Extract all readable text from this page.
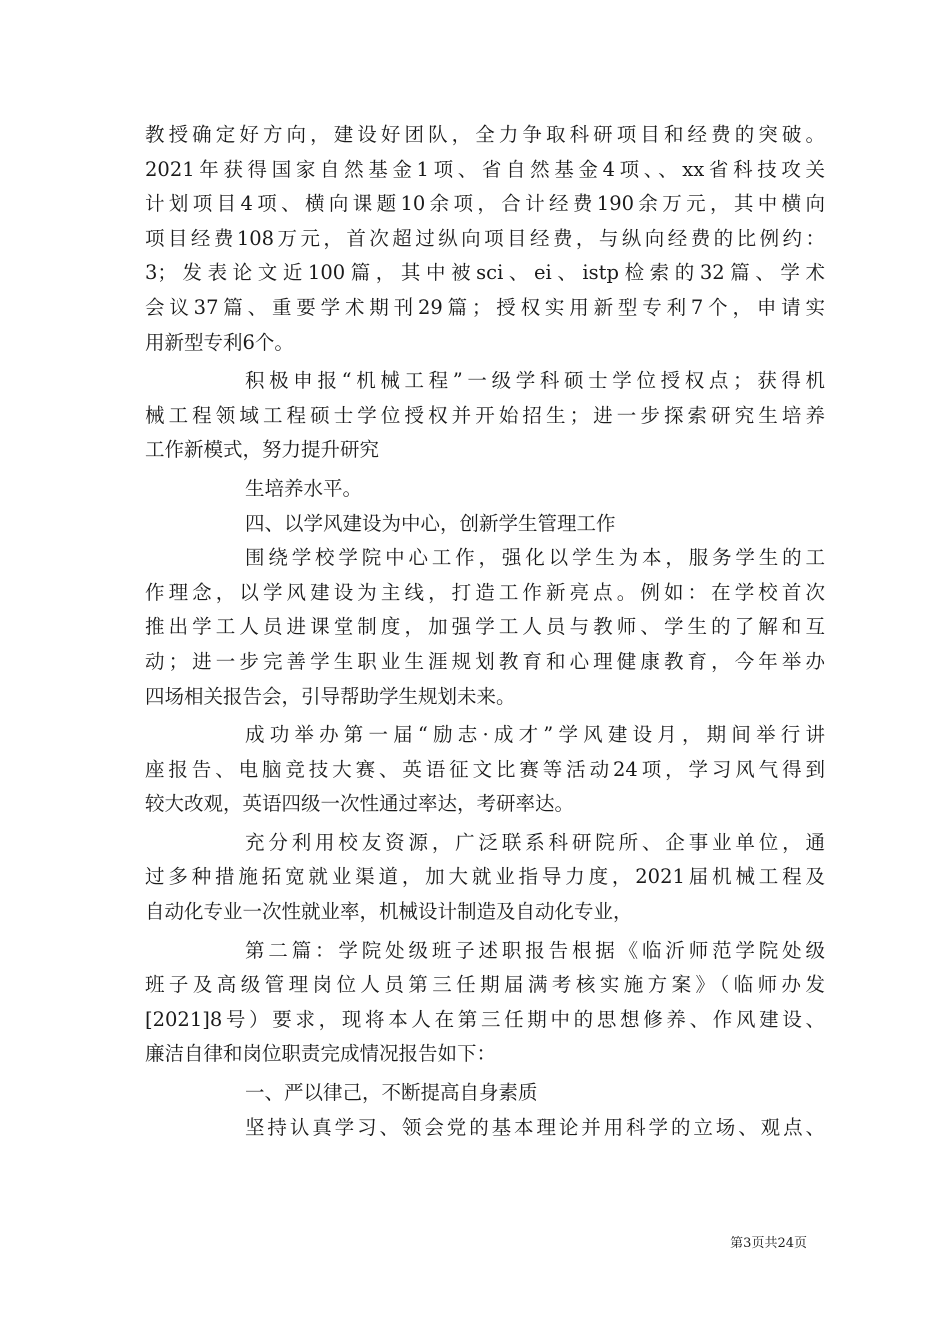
教授确定好方向，建设好团队，全力争取科研项目和经费的突破。
2021年获得国家自然基金1项、省自然基金4项、、xx省科技攻关
计划项目4项、横向课题10余项，合计经费190余万元，其中横向
项目经费108万元，首次超过纵向项目经费，与纵向经费的比例约：
3；发表论文近100篇，其中被sci、ei、istp检索的32篇、学术
会议37篇、重要学术期刊29篇；授权实用新型专利7个，申请实
用新型专利6个。
积极申报“机械工程”一级学科硕士学位授权点；获得机
械工程领域工程硕士学位授权并开始招生；进一步探索研究生培养
工作新模式，努力提升研究
生培养水平。
四、以学风建设为中心，创新学生管理工作
围绕学校学院中心工作，强化以学生为本，服务学生的工
作理念，以学风建设为主线，打造工作新亮点。例如：在学校首次
推出学工人员进课堂制度，加强学工人员与教师、学生的了解和互
动；进一步完善学生职业生涯规划教育和心理健康教育，今年举办
四场相关报告会，引导帮助学生规划未来。
成功举办第一届“励志·成才”学风建设月，期间举行讲
座报告、电脑竞技大赛、英语征文比赛等活动24项，学习风气得到
较大改观，英语四级一次性通过率达，考研率达。
充分利用校友资源，广泛联系科研院所、企事业单位，通
过多种措施拓宽就业渠道，加大就业指导力度，2021届机械工程及
自动化专业一次性就业率，机械设计制造及自动化专业，
第二篇：学院处级班子述职报告根据《临沂师范学院处级
班子及高级管理岗位人员第三任期届满考核实施方案》（临师办发
[2021]8号）要求，现将本人在第三任期中的思想修养、作风建设、
廉洁自律和岗位职责完成情况报告如下：
一、严以律己，不断提高自身素质
坚持认真学习、领会党的基本理论并用科学的立场、观点、
第3页共24页
